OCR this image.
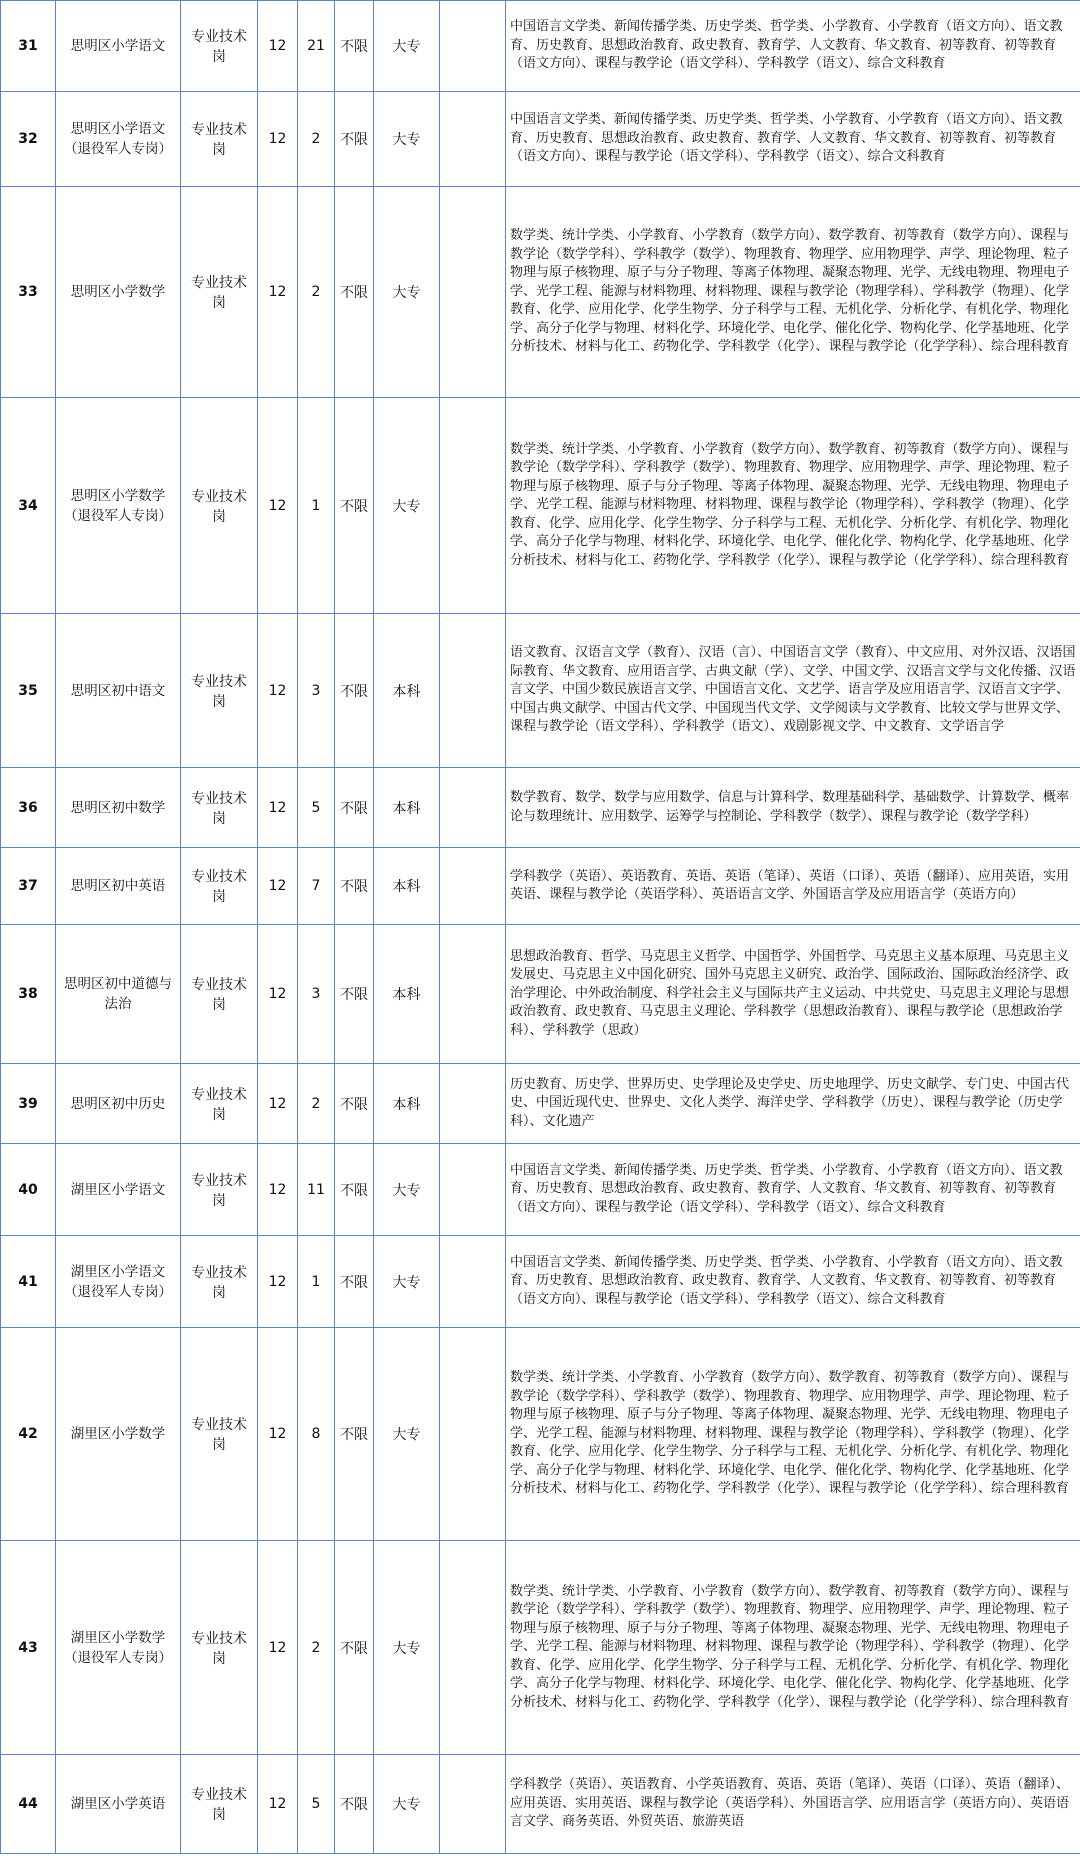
31	思明区小学语文	专业技术岗	12	21	不限	大专		中国语言文学类、新闻传播学类、历史学类、哲学类、小学教育、小学教育（语文方向）、语文教育、历史教育、思想政治教育、政史教育、教育学、人文教育、华文教育、初等教育、初等教育（语文方向）、课程与教学论（语文学科）、学科教学（语文）、综合文科教育
32	思明区小学语文（退役军人专岗）	专业技术岗	12	2	不限	大专		中国语言文学类、新闻传播学类、历史学类、哲学类、小学教育、小学教育（语文方向）、语文教育、历史教育、思想政治教育、政史教育、教育学、人文教育、华文教育、初等教育、初等教育（语文方向）、课程与教学论（语文学科）、学科教学（语文）、综合文科教育
33	思明区小学数学	专业技术岗	12	2	不限	大专		数学类、统计学类、小学教育、小学教育（数学方向）、数学教育、初等教育（数学方向）、课程与教学论（数学学科）、学科教学（数学）、物理教育、物理学、应用物理学、声学、理论物理、粒子物理与原子核物理、原子与分子物理、等离子体物理、凝聚态物理、光学、无线电物理、物理电子学、光学工程、能源与材料物理、材料物理、课程与教学论（物理学科）、学科教学（物理）、化学教育、化学、应用化学、化学生物学、分子科学与工程、无机化学、分析化学、有机化学、物理化学、高分子化学与物理、材料化学、环境化学、电化学、催化化学、物构化学、化学基地班、化学分析技术、材料与化工、药物化学、学科教学（化学）、课程与教学论（化学学科）、综合理科教育
34	思明区小学数学（退役军人专岗）	专业技术岗	12	1	不限	大专		数学类、统计学类、小学教育、小学教育（数学方向）、数学教育、初等教育（数学方向）、课程与教学论（数学学科）、学科教学（数学）、物理教育、物理学、应用物理学、声学、理论物理、粒子物理与原子核物理、原子与分子物理、等离子体物理、凝聚态物理、光学、无线电物理、物理电子学、光学工程、能源与材料物理、材料物理、课程与教学论（物理学科）、学科教学（物理）、化学教育、化学、应用化学、化学生物学、分子科学与工程、无机化学、分析化学、有机化学、物理化学、高分子化学与物理、材料化学、环境化学、电化学、催化化学、物构化学、化学基地班、化学分析技术、材料与化工、药物化学、学科教学（化学）、课程与教学论（化学学科）、综合理科教育
35	思明区初中语文	专业技术岗	12	3	不限	本科		语文教育、汉语言文学（教育）、汉语（言）、中国语言文学（教育）、中文应用、对外汉语、汉语国际教育、华文教育、应用语言学、古典文献（学）、文学、中国文学、汉语言文学与文化传播、汉语言文学、中国少数民族语言文学、中国语言文化、文艺学、语言学及应用语言学、汉语言文字学、中国古典文献学、中国古代文学、中国现当代文学、文学阅读与文学教育、比较文学与世界文学、课程与教学论（语文学科）、学科教学（语文）、戏剧影视文学、中文教育、文学语言学
36	思明区初中数学	专业技术岗	12	5	不限	本科		数学教育、数学、数学与应用数学、信息与计算科学、数理基础科学、基础数学、计算数学、概率论与数理统计、应用数学、运筹学与控制论、学科教学（数学）、课程与教学论（数学学科）
37	思明区初中英语	专业技术岗	12	7	不限	本科		学科教学（英语）、英语教育、英语、英语（笔译）、英语（口译）、英语（翻译）、应用英语，实用英语、课程与教学论（英语学科）、英语语言文学、外国语言学及应用语言学（英语方向）
38	思明区初中道德与法治	专业技术岗	12	3	不限	本科		思想政治教育、哲学、马克思主义哲学、中国哲学、外国哲学、马克思主义基本原理、马克思主义发展史、马克思主义中国化研究、国外马克思主义研究、政治学、国际政治、国际政治经济学、政治学理论、中外政治制度、科学社会主义与国际共产主义运动、中共党史、马克思主义理论与思想政治教育、政史教育、马克思主义理论、学科教学（思想政治教育）、课程与教学论（思想政治学科）、学科教学（思政）
39	思明区初中历史	专业技术岗	12	2	不限	本科		历史教育、历史学、世界历史、史学理论及史学史、历史地理学、历史文献学、专门史、中国古代史、中国近现代史、世界史、文化人类学、海洋史学、学科教学（历史）、课程与教学论（历史学科）、文化遗产
40	湖里区小学语文	专业技术岗	12	11	不限	大专		中国语言文学类、新闻传播学类、历史学类、哲学类、小学教育、小学教育（语文方向）、语文教育、历史教育、思想政治教育、政史教育、教育学、人文教育、华文教育、初等教育、初等教育（语文方向）、课程与教学论（语文学科）、学科教学（语文）、综合文科教育
41	湖里区小学语文（退役军人专岗）	专业技术岗	12	1	不限	大专		中国语言文学类、新闻传播学类、历史学类、哲学类、小学教育、小学教育（语文方向）、语文教育、历史教育、思想政治教育、政史教育、教育学、人文教育、华文教育、初等教育、初等教育（语文方向）、课程与教学论（语文学科）、学科教学（语文）、综合文科教育
42	湖里区小学数学	专业技术岗	12	8	不限	大专		数学类、统计学类、小学教育、小学教育（数学方向）、数学教育、初等教育（数学方向）、课程与教学论（数学学科）、学科教学（数学）、物理教育、物理学、应用物理学、声学、理论物理、粒子物理与原子核物理、原子与分子物理、等离子体物理、凝聚态物理、光学、无线电物理、物理电子学、光学工程、能源与材料物理、材料物理、课程与教学论（物理学科）、学科教学（物理）、化学教育、化学、应用化学、化学生物学、分子科学与工程、无机化学、分析化学、有机化学、物理化学、高分子化学与物理、材料化学、环境化学、电化学、催化化学、物构化学、化学基地班、化学分析技术、材料与化工、药物化学、学科教学（化学）、课程与教学论（化学学科）、综合理科教育
43	湖里区小学数学（退役军人专岗）	专业技术岗	12	2	不限	大专		数学类、统计学类、小学教育、小学教育（数学方向）、数学教育、初等教育（数学方向）、课程与教学论（数学学科）、学科教学（数学）、物理教育、物理学、应用物理学、声学、理论物理、粒子物理与原子核物理、原子与分子物理、等离子体物理、凝聚态物理、光学、无线电物理、物理电子学、光学工程、能源与材料物理、材料物理、课程与教学论（物理学科）、学科教学（物理）、化学教育、化学、应用化学、化学生物学、分子科学与工程、无机化学、分析化学、有机化学、物理化学、高分子化学与物理、材料化学、环境化学、电化学、催化化学、物构化学、化学基地班、化学分析技术、材料与化工、药物化学、学科教学（化学）、课程与教学论（化学学科）、综合理科教育
44	湖里区小学英语	专业技术岗	12	5	不限	大专		学科教学（英语）、英语教育、小学英语教育、英语、英语（笔译）、英语（口译）、英语（翻译）、应用英语、实用英语、课程与教学论（英语学科）、外国语言学、应用语言学（英语方向）、英语语言文学、商务英语、外贸英语、旅游英语
